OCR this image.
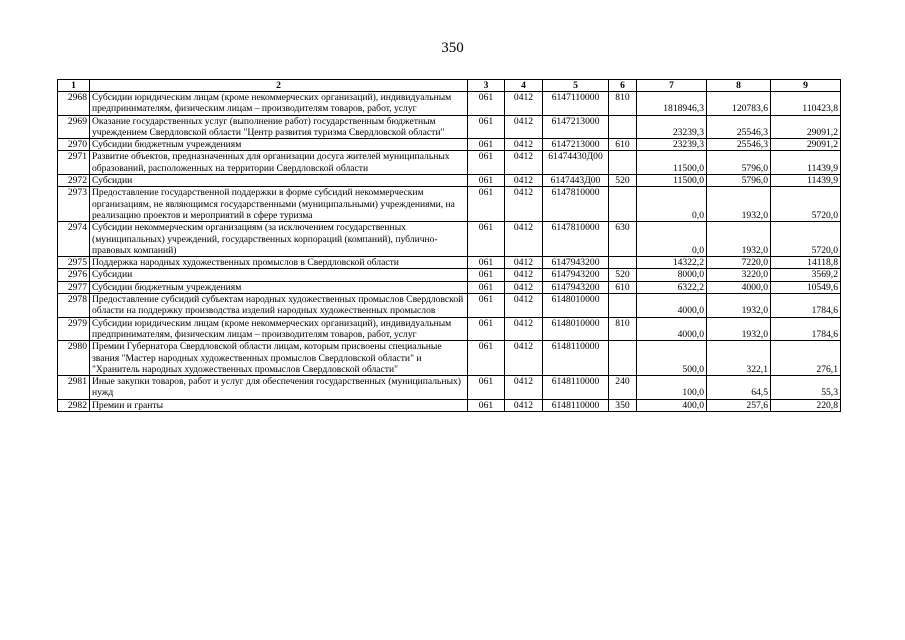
350
1	2	3	4	5	6	7	8	9
2968	Субсидии юридическим лицам (кроме некоммерческих организаций), индивидуальным предпринимателям, физическим лицам – производителям товаров, работ, услуг	061	0412	6147110000	810	1818946,3	120783,6	110423,8
2969	Оказание государственных услуг (выполнение работ) государственным бюджетным учреждением Свердловской области "Центр развития туризма Свердловской области"	061	0412	6147213000		23239,3	25546,3	29091,2
2970	Субсидии бюджетным учреждениям	061	0412	6147213000	610	23239,3	25546,3	29091,2
2971	Развитие объектов, предназначенных для организации досуга жителей муниципальных образований, расположенных на территории Свердловской области	061	0412	61474430Д00		11500,0	5796,0	11439,9
2972	Субсидии	061	0412	6147443Д00	520	11500,0	5796,0	11439,9
2973	Предоставление государственной поддержки в форме субсидий некоммерческим организациям, не являющимся государственными (муниципальными) учреждениями, на реализацию проектов и мероприятий в сфере туризма	061	0412	6147810000		0,0	1932,0	5720,0
2974	Субсидии некоммерческим организациям (за исключением государственных (муниципальных) учреждений, государственных корпораций (компаний), публично-правовых компаний)	061	0412	6147810000	630	0,0	1932,0	5720,0
2975	Поддержка народных художественных промыслов в Свердловской области	061	0412	6147943200		14322,2	7220,0	14118,8
2976	Субсидии	061	0412	6147943200	520	8000,0	3220,0	3569,2
2977	Субсидии бюджетным учреждениям	061	0412	6147943200	610	6322,2	4000,0	10549,6
2978	Предоставление субсидий субъектам народных художественных промыслов Свердловской области на поддержку производства изделий народных художественных промыслов	061	0412	6148010000		4000,0	1932,0	1784,6
2979	Субсидии юридическим лицам (кроме некоммерческих организаций), индивидуальным предпринимателям, физическим лицам – производителям товаров, работ, услуг	061	0412	6148010000	810	4000,0	1932,0	1784,6
2980	Премии Губернатора Свердловской области лицам, которым присвоены специальные звания "Мастер народных художественных промыслов Свердловской области" и "Хранитель народных художественных промыслов Свердловской области"	061	0412	6148110000		500,0	322,1	276,1
2981	Иные закупки товаров, работ и услуг для обеспечения государственных (муниципальных) нужд	061	0412	6148110000	240	100,0	64,5	55,3
2982	Премии и гранты	061	0412	6148110000	350	400,0	257,6	220,8
